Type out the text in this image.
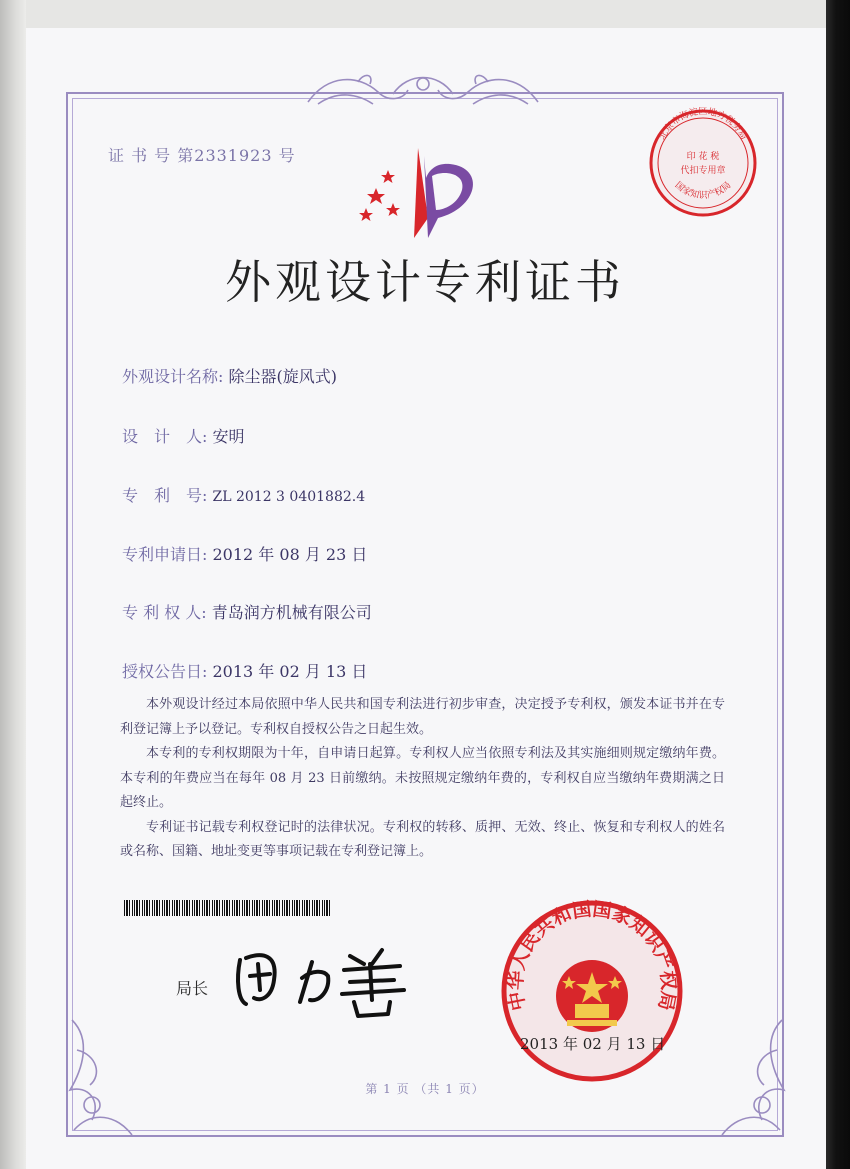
证 书 号 第2331923 号
外观设计专利证书
外观设计名称: 除尘器(旋风式)
设　计　人: 安明
专　利　号: ZL 2012 3 0401882.4
专利申请日: 2012 年 08 月 23 日
专 利 权 人: 青岛润方机械有限公司
授权公告日: 2013 年 02 月 13 日

本外观设计经过本局依照中华人民共和国专利法进行初步审查，决定授予专利权，颁发本证书并在专利登记簿上予以登记。专利权自授权公告之日起生效。

本专利的专利权期限为十年，自申请日起算。专利权人应当依照专利法及其实施细则规定缴纳年费。本专利的年费应当在每年 08 月 23 日前缴纳。未按照规定缴纳年费的，专利权自应当缴纳年费期满之日起终止。

专利证书记载专利权登记时的法律状况。专利权的转移、质押、无效、终止、恢复和专利权人的姓名或名称、国籍、地址变更等事项记载在专利登记簿上。

局长
中华人民共和国国家知识产权局
2013 年 02 月 13 日
北京市海淀区地方税务局
印 花 税
代扣专用章
国家知识产权局
第 1 页 （共 1 页）
